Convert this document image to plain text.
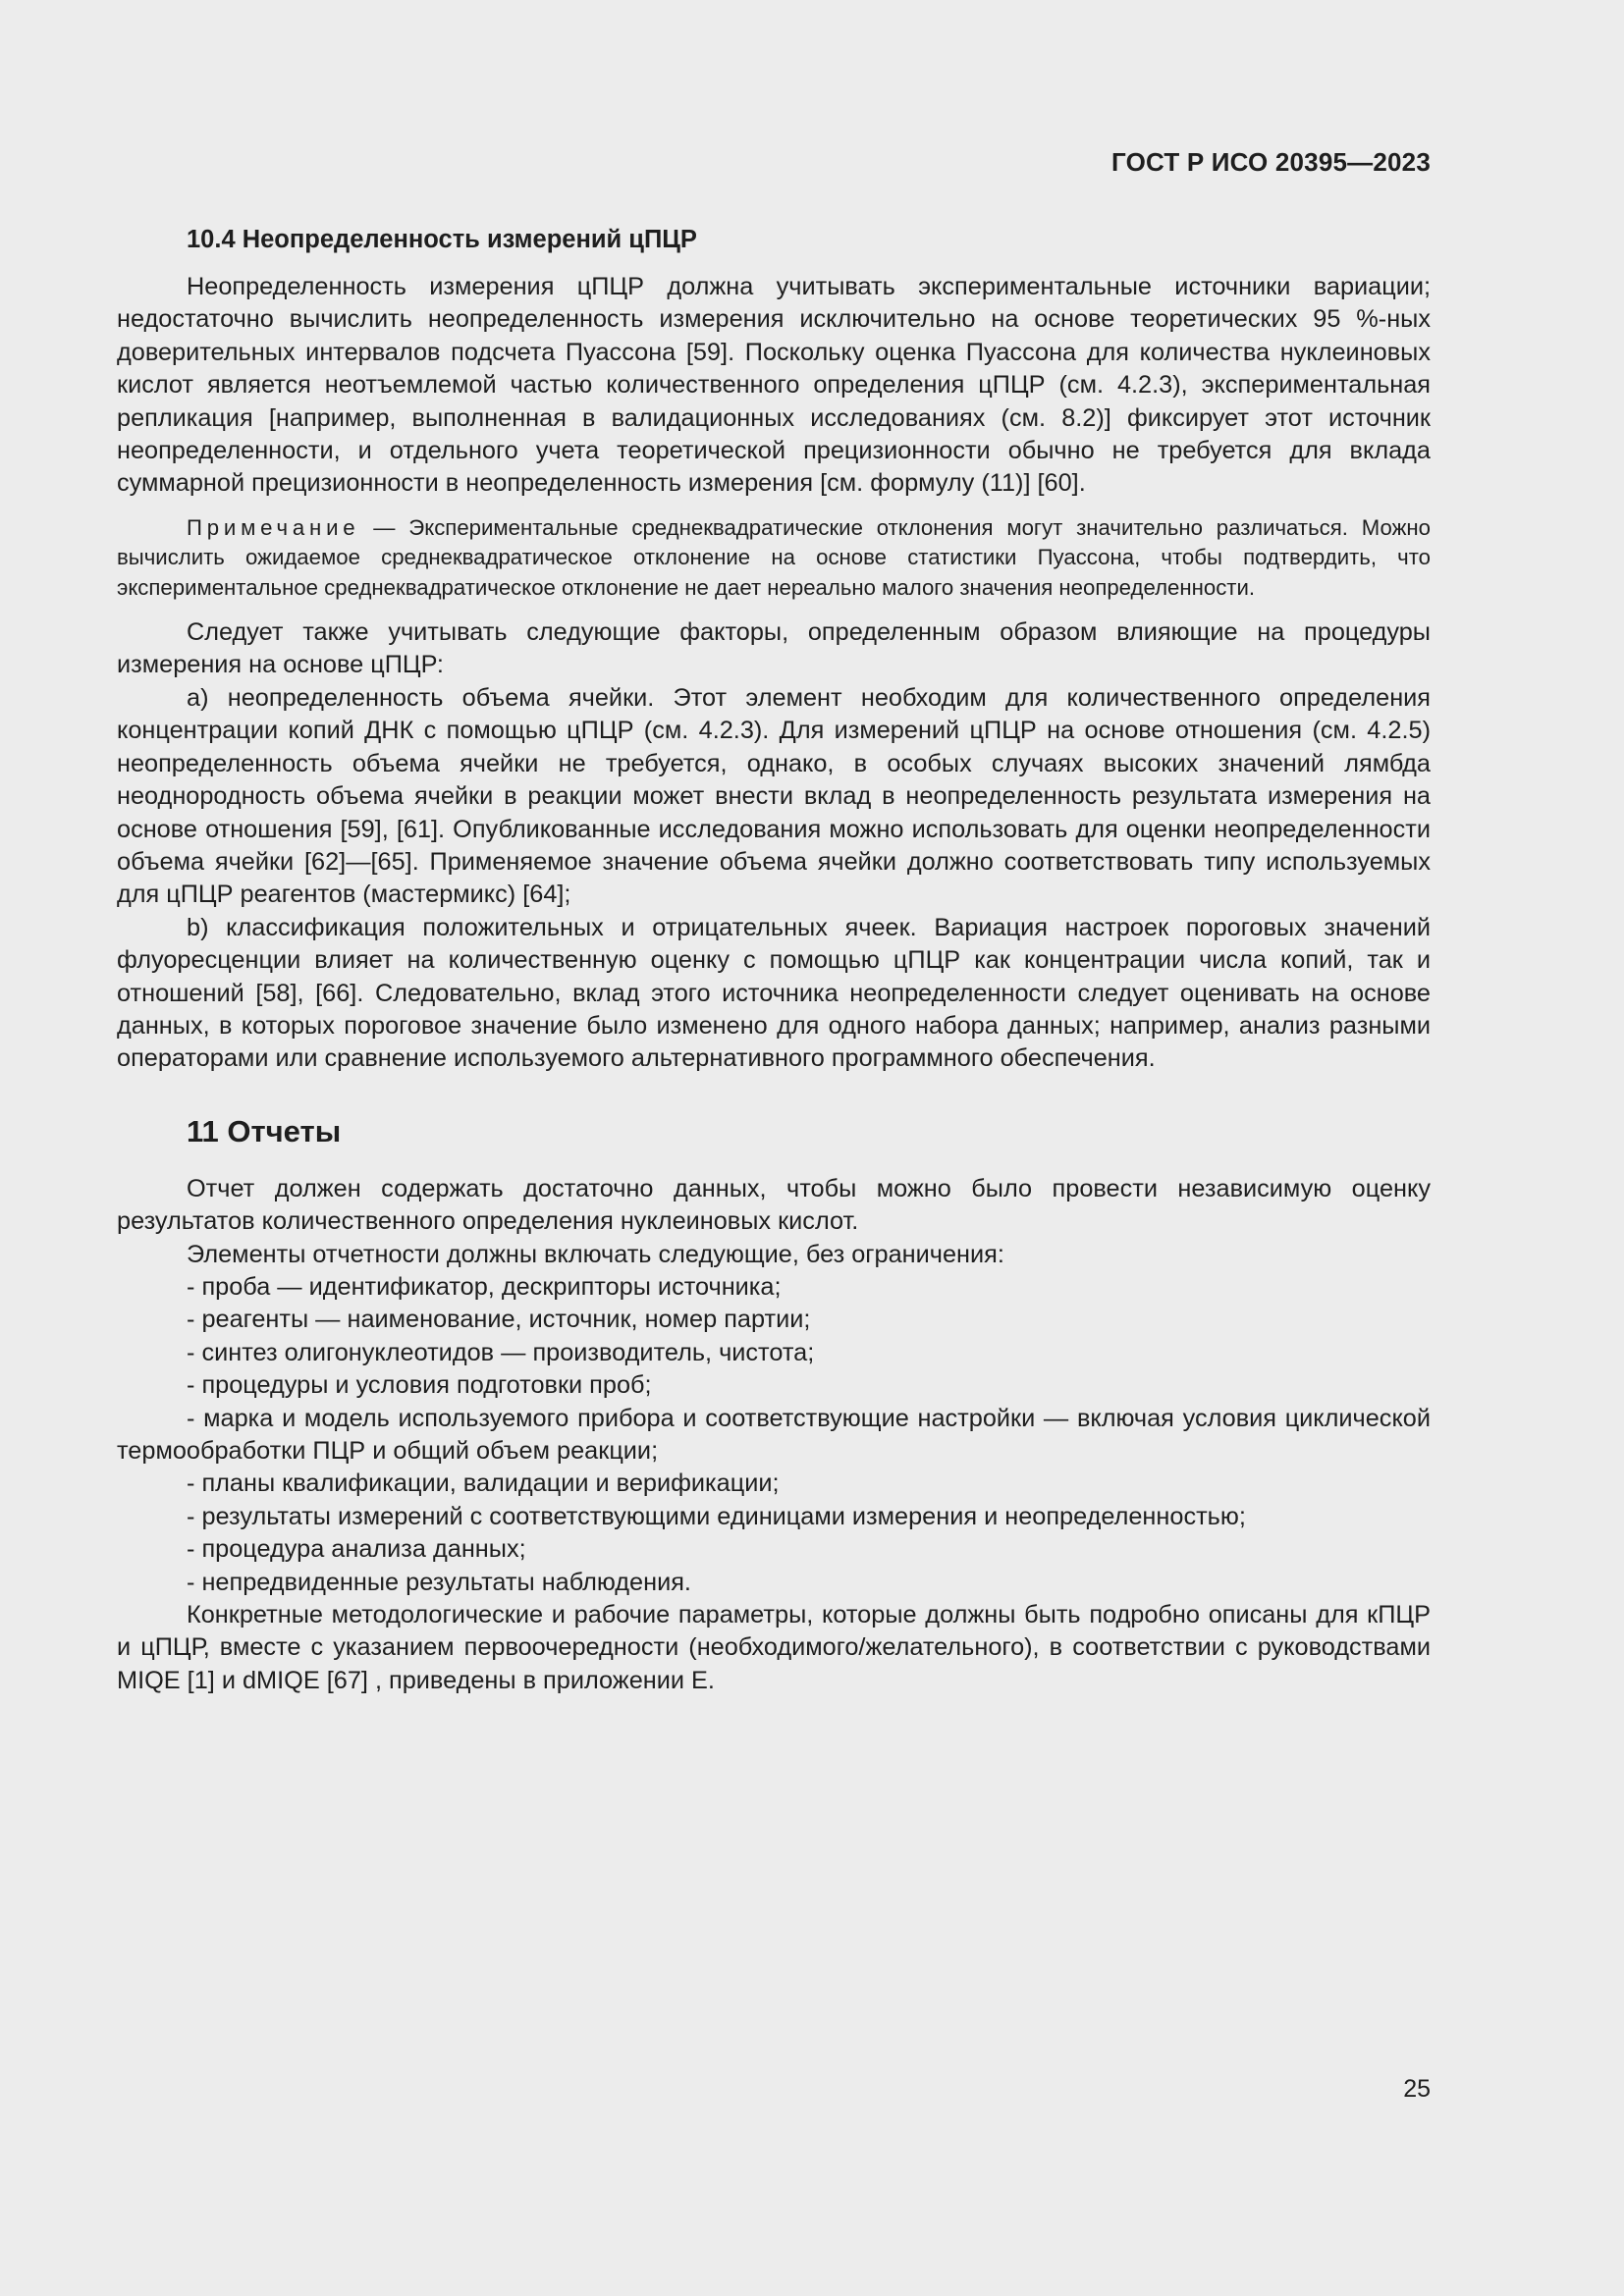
ГОСТ Р ИСО 20395—2023
10.4 Неопределенность измерений цПЦР

Неопределенность измерения цПЦР должна учитывать экспериментальные источники вариации; недостаточно вычислить неопределенность измерения исключительно на основе теоретических 95 %-ных доверительных интервалов подсчета Пуассона [59]. Поскольку оценка Пуассона для количества нуклеиновых кислот является неотъемлемой частью количественного определения цПЦР (см. 4.2.3), экспериментальная репликация [например, выполненная в валидационных исследованиях (см. 8.2)] фиксирует этот источник неопределенности, и отдельного учета теоретической прецизионности обычно не требуется для вклада суммарной прецизионности в неопределенность измерения [см. формулу (11)] [60].

Примечание — Экспериментальные среднеквадратические отклонения могут значительно различаться. Можно вычислить ожидаемое среднеквадратическое отклонение на основе статистики Пуассона, чтобы подтвердить, что экспериментальное среднеквадратическое отклонение не дает нереально малого значения неопределенности.

Следует также учитывать следующие факторы, определенным образом влияющие на процедуры измерения на основе цПЦР:

a) неопределенность объема ячейки. Этот элемент необходим для количественного определения концентрации копий ДНК с помощью цПЦР (см. 4.2.3). Для измерений цПЦР на основе отношения (см. 4.2.5) неопределенность объема ячейки не требуется, однако, в особых случаях высоких значений лямбда неоднородность объема ячейки в реакции может внести вклад в неопределенность результата измерения на основе отношения [59], [61]. Опубликованные исследования можно использовать для оценки неопределенности объема ячейки [62]—[65]. Применяемое значение объема ячейки должно соответствовать типу используемых для цПЦР реагентов (мастермикс) [64];

b) классификация положительных и отрицательных ячеек. Вариация настроек пороговых значений флуоресценции влияет на количественную оценку с помощью цПЦР как концентрации числа копий, так и отношений [58], [66]. Следовательно, вклад этого источника неопределенности следует оценивать на основе данных, в которых пороговое значение было изменено для одного набора данных; например, анализ разными операторами или сравнение используемого альтернативного программного обеспечения.

11 Отчеты

Отчет должен содержать достаточно данных, чтобы можно было провести независимую оценку результатов количественного определения нуклеиновых кислот.

Элементы отчетности должны включать следующие, без ограничения:

- проба — идентификатор, дескрипторы источника;

- реагенты — наименование, источник, номер партии;

- синтез олигонуклеотидов — производитель, чистота;

- процедуры и условия подготовки проб;

- марка и модель используемого прибора и соответствующие настройки — включая условия циклической термообработки ПЦР и общий объем реакции;

- планы квалификации, валидации и верификации;

- результаты измерений с соответствующими единицами измерения и неопределенностью;

- процедура анализа данных;

- непредвиденные результаты наблюдения.

Конкретные методологические и рабочие параметры, которые должны быть подробно описаны для кПЦР и цПЦР, вместе с указанием первоочередности (необходимого/желательного), в соответствии с руководствами MIQE [1] и dMIQE [67] , приведены в приложении Е.

25
